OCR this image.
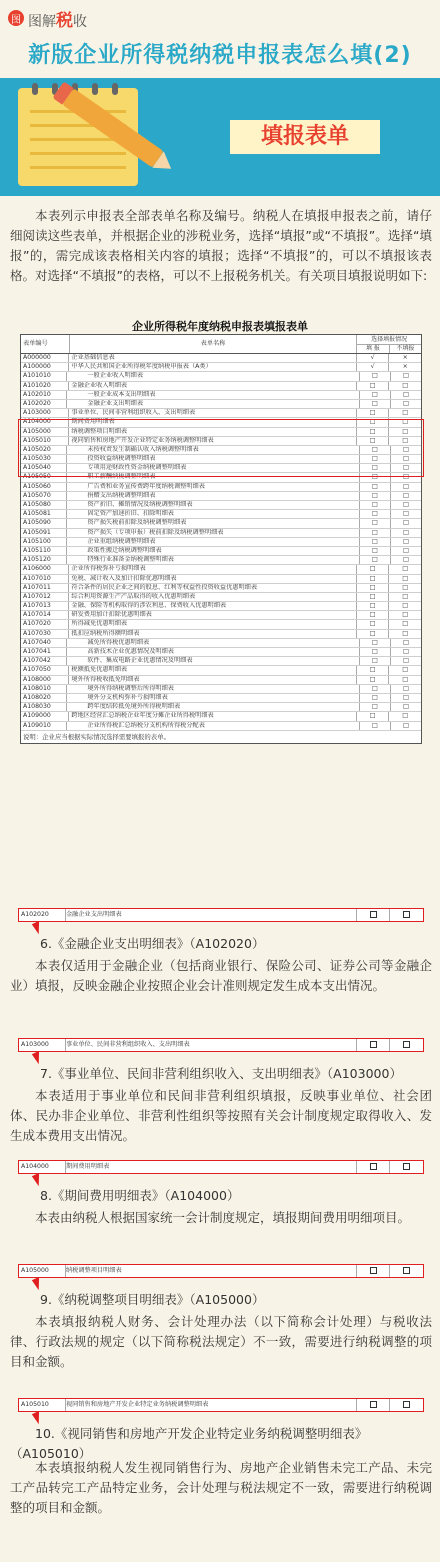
图 图解税收
新版企业所得税纳税申报表怎么填(2)
填报表单
本表列示申报表全部表单名称及编号。纳税人在填报申报表之前，请仔细阅读这些表单，并根据企业的涉税业务，选择“填报”或“不填报”。选择“填报”的，需完成该表格相关内容的填报；选择“不填报”的，可以不填报该表格。对选择“不填报”的表格，可以不上报税务机关。有关项目填报说明如下:
企业所得税年度纳税申报表填报表单
表单编号	表单名称
选择填报情况
填 报	不填报
A000000	企业基础信息表	√	×
A100000	中华人民共和国企业所得税年度纳税申报表（A类）	√	×
A101010	一般企业收入明细表	□	□
A101020	金融企业收入明细表	□	□
A102010	一般企业成本支出明细表	□	□
A102020	金融企业支出明细表	□	□
A103000	事业单位、民间非营利组织收入、支出明细表	□	□
A104000	期间费用明细表	□	□
A105000	纳税调整项目明细表	□	□
A105010	视同销售和房地产开发企业特定业务纳税调整明细表	□	□
A105020	未按权责发生制确认收入纳税调整明细表	□	□
A105030	投资收益纳税调整明细表	□	□
A105040	专项用途财政性资金纳税调整明细表	□	□
A105050	职工薪酬纳税调整明细表	□	□
A105060	广告费和业务宣传费跨年度纳税调整明细表	□	□
A105070	捐赠支出纳税调整明细表	□	□
A105080	资产折旧、摊销情况及纳税调整明细表	□	□
A105081	固定资产加速折旧、扣除明细表	□	□
A105090	资产损失税前扣除及纳税调整明细表	□	□
A105091	资产损失（专项申报）税前扣除及纳税调整明细表	□	□
A105100	企业重组纳税调整明细表	□	□
A105110	政策性搬迁纳税调整明细表	□	□
A105120	特殊行业准备金纳税调整明细表	□	□
A106000	企业所得税弥补亏损明细表	□	□
A107010	免税、减计收入及加计扣除优惠明细表	□	□
A107011	符合条件的居民企业之间的股息、红利等权益性投资收益优惠明细表	□	□
A107012	综合利用资源生产产品取得的收入优惠明细表	□	□
A107013	金融、保险等机构取得的涉农利息、保费收入优惠明细表	□	□
A107014	研发费用加计扣除优惠明细表	□	□
A107020	所得减免优惠明细表	□	□
A107030	抵扣应纳税所得额明细表	□	□
A107040	减免所得税优惠明细表	□	□
A107041	高新技术企业优惠情况及明细表	□	□
A107042	软件、集成电路企业优惠情况及明细表	□	□
A107050	税额抵免优惠明细表	□	□
A108000	境外所得税收抵免明细表	□	□
A108010	境外所得纳税调整后所得明细表	□	□
A108020	境外分支机构弥补亏损明细表	□	□
A108030	跨年度结转抵免境外所得税明细表	□	□
A109000	跨地区经营汇总纳税企业年度分摊企业所得税明细表	□	□
A109010	企业所得税汇总纳税分支机构所得税分配表	□	□
说明：企业应当根据实际情况选择需要填报的表单。
A102020	金融企业支出明细表
6.《金融企业支出明细表》（A102020）
本表仅适用于金融企业（包括商业银行、保险公司、证券公司等金融企业）填报，反映金融企业按照企业会计准则规定发生成本支出情况。
A103000	事业单位、民间非营利组织收入、支出明细表
7.《事业单位、民间非营利组织收入、支出明细表》（A103000）
本表适用于事业单位和民间非营利组织填报，反映事业单位、社会团体、民办非企业单位、非营利性组织等按照有关会计制度规定取得收入、发生成本费用支出情况。
A104000	期间费用明细表
8.《期间费用明细表》（A104000）
本表由纳税人根据国家统一会计制度规定，填报期间费用明细项目。
A105000	纳税调整项目明细表
9.《纳税调整项目明细表》（A105000）
本表填报纳税人财务、会计处理办法（以下简称会计处理）与税收法律、行政法规的规定（以下简称税法规定）不一致，需要进行纳税调整的项目和金额。
A105010	视同销售和房地产开发企业特定业务纳税调整明细表
10.《视同销售和房地产开发企业特定业务纳税调整明细表》（A105010）
本表填报纳税人发生视同销售行为、房地产企业销售未完工产品、未完工产品转完工产品特定业务，会计处理与税法规定不一致，需要进行纳税调整的项目和金额。
